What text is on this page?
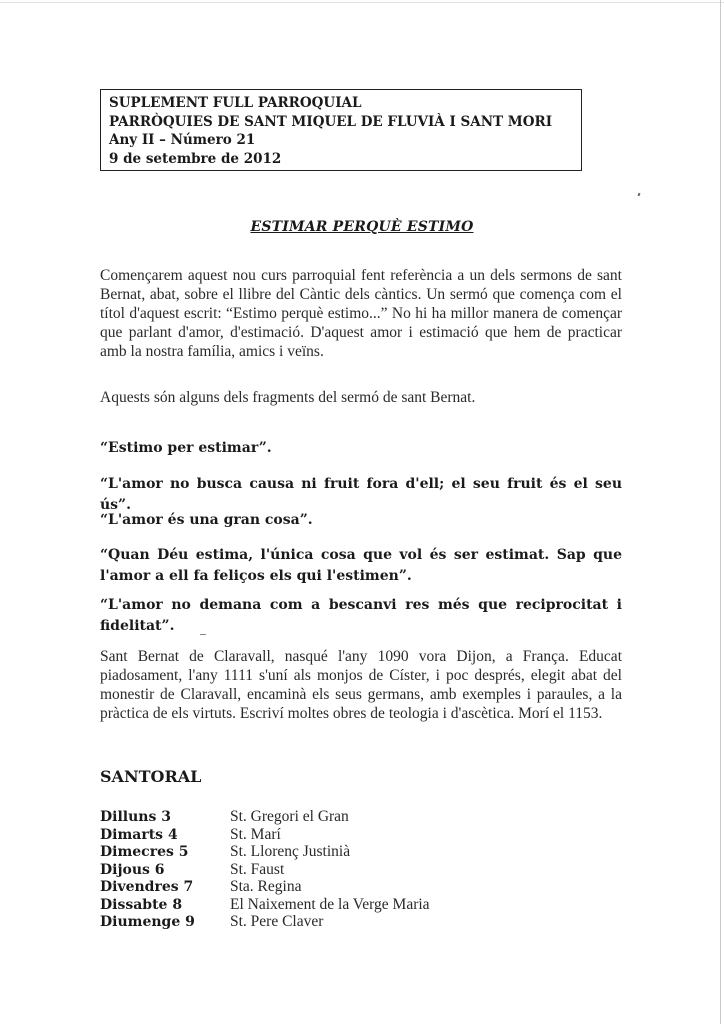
SUPLEMENT FULL PARROQUIAL
PARRÒQUIES DE SANT MIQUEL DE FLUVIÀ I SANT MORI
Any II – Número 21
9 de setembre de 2012
ESTIMAR PERQUÈ ESTIMO
Començarem aquest nou curs parroquial fent referència a un dels sermons de sant Bernat, abat, sobre el llibre del Càntic dels càntics. Un sermó que comença com el títol d'aquest escrit: “Estimo perquè estimo...” No hi ha millor manera de començar que parlant d'amor, d'estimació. D'aquest amor i estimació que hem de practicar amb la nostra família, amics i veïns.
Aquests són alguns dels fragments del sermó de sant Bernat.
“Estimo per estimar”.
“L'amor no busca causa ni fruit fora d'ell; el seu fruit és el seu ús”.
“L'amor és una gran cosa”.
“Quan Déu estima, l'única cosa que vol és ser estimat. Sap que l'amor a ell fa feliços els qui l'estimen”.
“L'amor no demana com a bescanvi res més que reciprocitat i fidelitat”.
Sant Bernat de Claravall, nasqué l'any 1090 vora Dijon, a França. Educat piadosament, l'any 1111 s'uní als monjos de Císter, i poc després, elegit abat del monestir de Claravall, encaminà els seus germans, amb exemples i paraules, a la pràctica de els virtuts. Escriví moltes obres de teologia i d'ascètica. Morí el 1153.
SANTORAL
Dilluns 3	St. Gregori el Gran
Dimarts 4	St. Marí
Dimecres 5	St. Llorenç Justinià
Dijous 6	St. Faust
Divendres 7	Sta. Regina
Dissabte 8	El Naixement de la Verge Maria
Diumenge 9	St. Pere Claver
